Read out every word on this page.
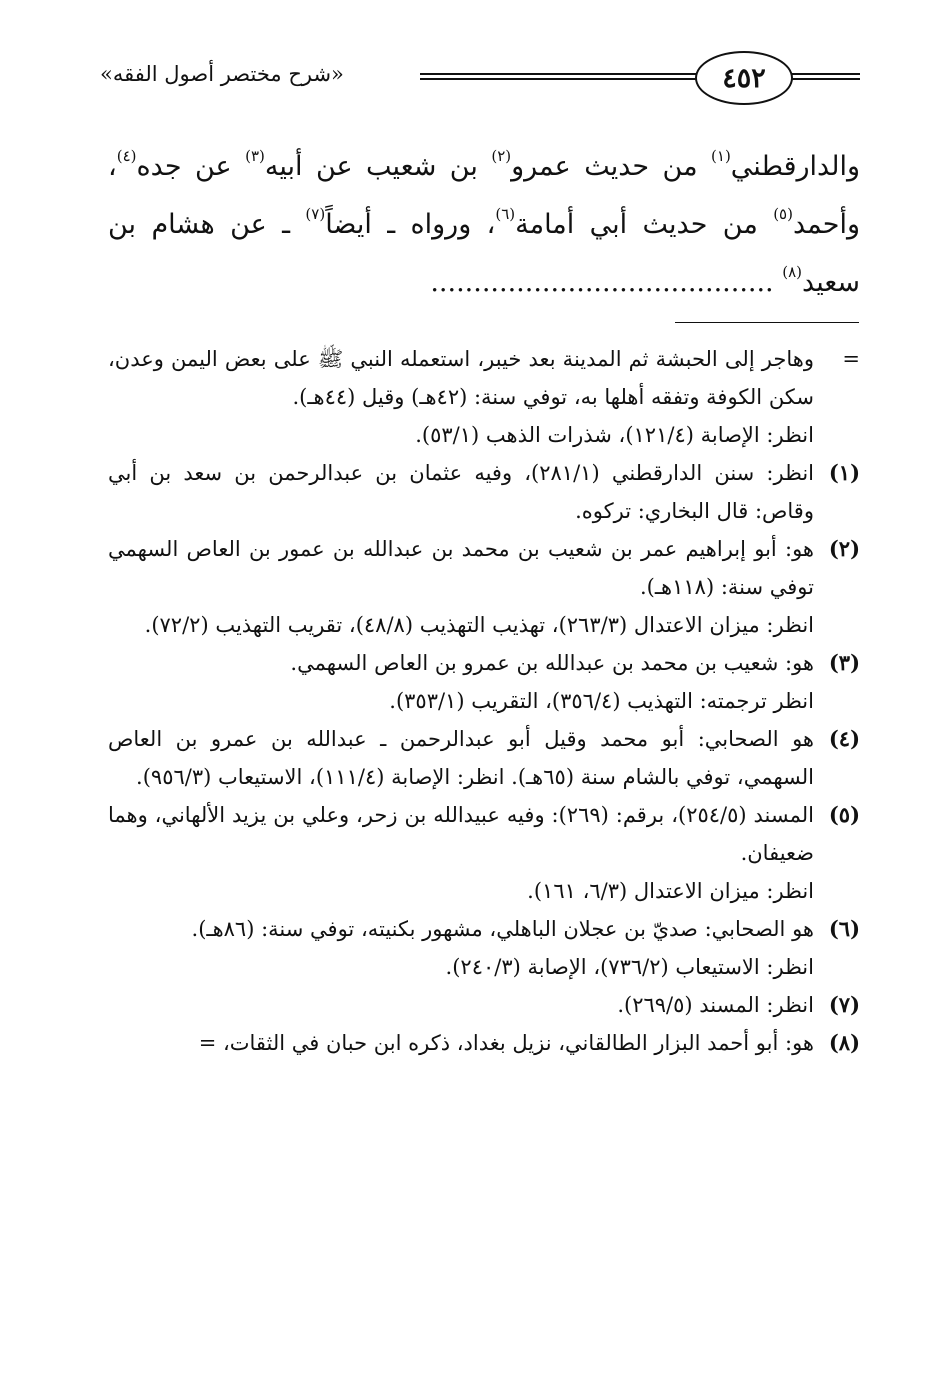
«شرح مختصر أصول الفقه»	٤٥٢

والدارقطني$^{(١)}$ من حديث عمرو$^{(٢)}$ بن شعيب عن أبيه$^{(٣)}$ عن جده$^{(٤)}$، وأحمد$^{(٥)}$ من حديث أبي أمامة$^{(٦)}$، ورواه ـ أيضاً$^{(٧)}$ ـ عن هشام بن سعيد$^{(٨)}$ ........................................

=

وهاجر إلى الحبشة ثم المدينة بعد خيبر، استعمله النبي ﷺ على بعض اليمن وعدن، سكن الكوفة وتفقه أهلها به، توفي سنة: (٤٢هـ) وقيل (٤٤هـ).

انظر: الإصابة (١٢١/٤)، شذرات الذهب (٥٣/١).

(١)

انظر: سنن الدارقطني (٢٨١/١)، وفيه عثمان بن عبدالرحمن بن سعد بن أبي وقاص: قال البخاري: تركوه.

(٢)

هو: أبو إبراهيم عمر بن شعيب بن محمد بن عبدالله بن عمور بن العاص السهمي توفي سنة: (١١٨هـ).

انظر: ميزان الاعتدال (٢٦٣/٣)، تهذيب التهذيب (٤٨/٨)، تقريب التهذيب (٧٢/٢).

(٣)

هو: شعيب بن محمد بن عبدالله بن عمرو بن العاص السهمي.

انظر ترجمته: التهذيب (٣٥٦/٤)، التقريب (٣٥٣/١).

(٤)

هو الصحابي: أبو محمد وقيل أبو عبدالرحمن ـ عبدالله بن عمرو بن العاص السهمي، توفي بالشام سنة (٦٥هـ). انظر: الإصابة (١١١/٤)، الاستيعاب (٩٥٦/٣).

(٥)

المسند (٢٥٤/٥)، برقم: (٢٦٩): وفيه عبيدالله بن زحر، وعلي بن يزيد الألهاني، وهما ضعيفان.

انظر: ميزان الاعتدال (٦/٣، ١٦١).

(٦)

هو الصحابي: صديّ بن عجلان الباهلي، مشهور بكنيته، توفي سنة: (٨٦هـ).

انظر: الاستيعاب (٧٣٦/٢)، الإصابة (٢٤٠/٣).

(٧)

انظر: المسند (٢٦٩/٥).

(٨)

هو: أبو أحمد البزار الطالقاني، نزيل بغداد، ذكره ابن حبان في الثقات، =
